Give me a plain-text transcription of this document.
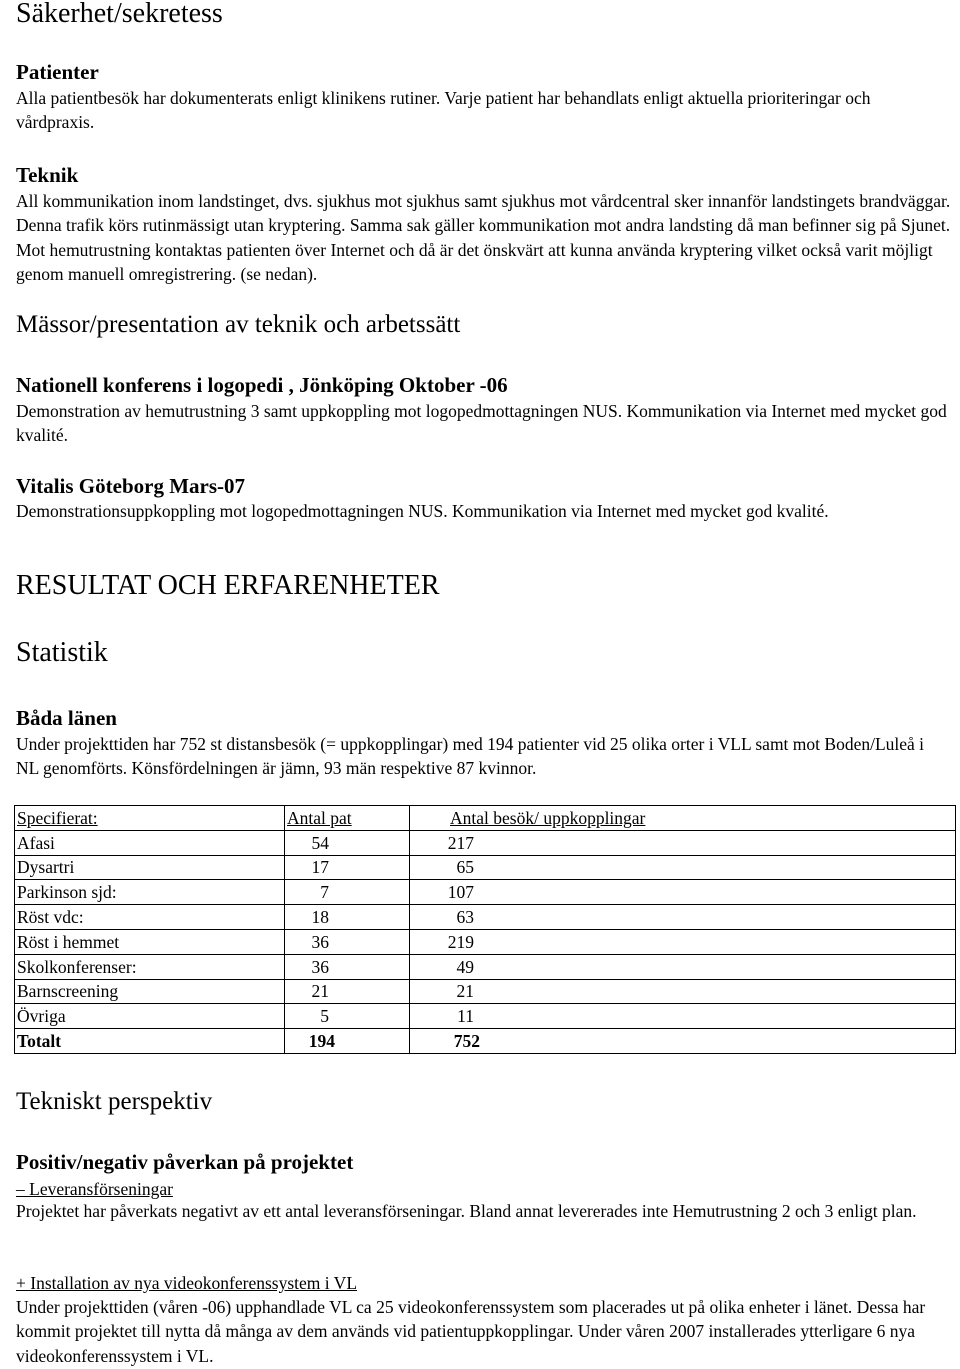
Säkerhet/sekretess
Patienter
Alla patientbesök har dokumenterats enligt klinikens rutiner. Varje patient har behandlats enligt aktuella prioriteringar och vårdpraxis.
Teknik
All kommunikation inom landstinget, dvs. sjukhus mot sjukhus samt sjukhus mot vårdcentral sker innanför landstingets brandväggar. Denna trafik körs rutinmässigt utan kryptering. Samma sak gäller kommunikation mot andra landsting då man befinner sig på Sjunet. Mot hemutrustning kontaktas patienten över Internet och då är det önskvärt att kunna använda kryptering vilket också varit möjligt genom manuell omregistrering. (se nedan).
Mässor/presentation av teknik och arbetssätt
Nationell konferens i logopedi , Jönköping Oktober -06
Demonstration av hemutrustning 3 samt uppkoppling mot logopedmottagningen NUS. Kommunikation via Internet med mycket god kvalité.
Vitalis Göteborg Mars-07
Demonstrationsuppkoppling mot logopedmottagningen NUS. Kommunikation via Internet med mycket god kvalité.
RESULTAT OCH ERFARENHETER
Statistik
Båda länen
Under projekttiden har 752 st distansbesök (= uppkopplingar) med 194 patienter vid 25 olika orter i VLL samt mot Boden/Luleå i NL genomförts. Könsfördelningen är jämn, 93 män respektive 87 kvinnor.
Specifierat:	Antal pat	Antal besök/ uppkopplingar
Afasi	54	217
Dysartri	17	65
Parkinson sjd:	7	107
Röst vdc:	18	63
Röst i hemmet	36	219
Skolkonferenser:	36	49
Barnscreening	21	21
Övriga	5	11
Totalt	194	752
Tekniskt perspektiv
Positiv/negativ påverkan på projektet
– Leveransförseningar
Projektet har påverkats negativt av ett antal leveransförseningar. Bland annat levererades inte Hemutrustning 2 och 3 enligt plan.
+ Installation av nya videokonferenssystem i VL
Under projekttiden (våren -06) upphandlade VL ca 25 videokonferenssystem som placerades ut på olika enheter i länet. Dessa har kommit projektet till nytta då många av dem används vid patientuppkopplingar. Under våren 2007 installerades ytterligare 6 nya videokonferenssystem i VL.
